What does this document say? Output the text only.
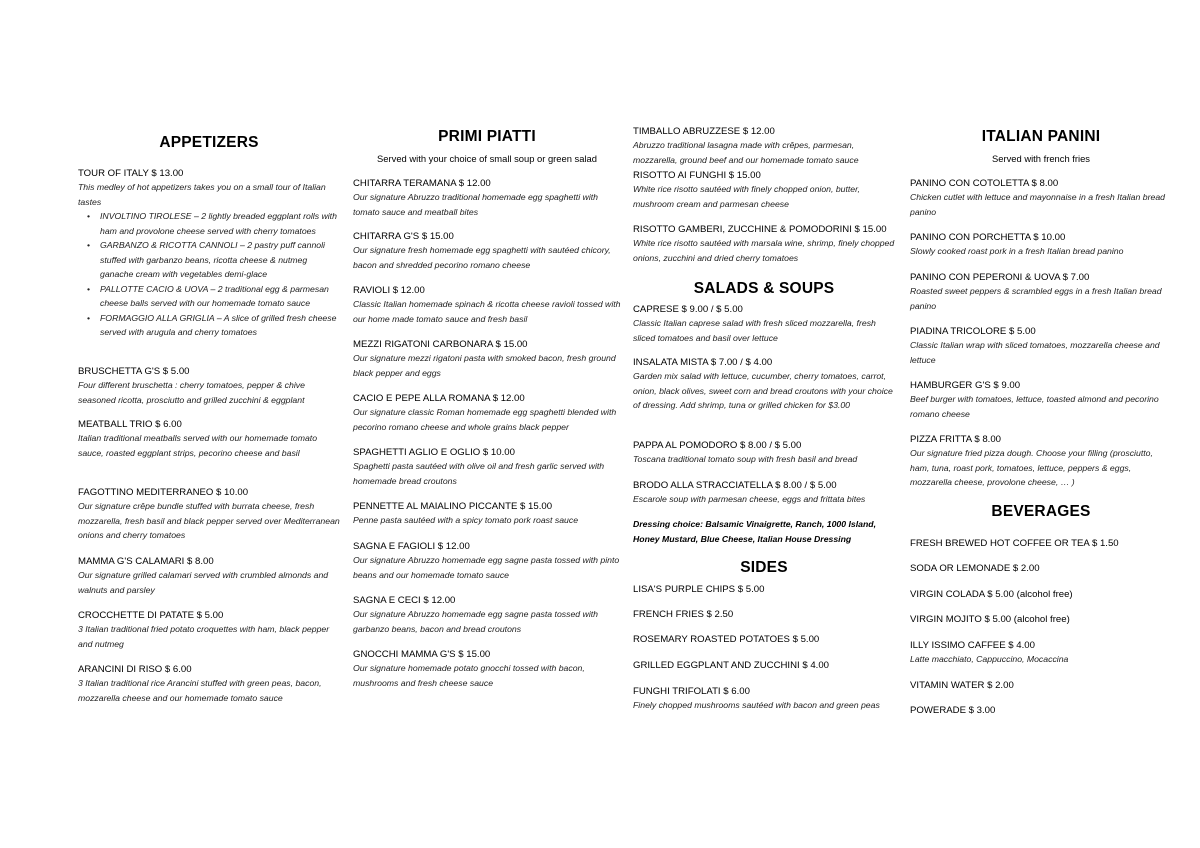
APPETIZERS
TOUR OF ITALY $ 13.00
This medley of hot appetizers takes you on a small tour of Italian tastes
• INVOLTINO TIROLESE – 2 lightly breaded eggplant rolls with ham and provolone cheese served with cherry tomatoes
• GARBANZO & RICOTTA CANNOLI – 2 pastry puff cannoli stuffed with garbanzo beans, ricotta cheese & nutmeg ganache cream with vegetables demi-glace
• PALLOTTE CACIO & UOVA – 2 traditional egg & parmesan cheese balls served with our homemade tomato sauce
• FORMAGGIO ALLA GRIGLIA – A slice of grilled fresh cheese served with arugula and cherry tomatoes
BRUSCHETTA G'S $ 5.00
Four different bruschetta : cherry tomatoes, pepper & chive seasoned ricotta, prosciutto and grilled zucchini & eggplant
MEATBALL TRIO $ 6.00
Italian traditional meatballs served with our homemade tomato sauce, roasted eggplant strips, pecorino cheese and basil
FAGOTTINO MEDITERRANEO $ 10.00
Our signature crêpe bundle stuffed with burrata cheese, fresh mozzarella, fresh basil and black pepper served over Mediterranean onions and cherry tomatoes
MAMMA G'S CALAMARI $ 8.00
Our signature grilled calamari served with crumbled almonds and walnuts and parsley
CROCCHETTE DI PATATE $ 5.00
3 Italian traditional fried potato croquettes with ham, black pepper and nutmeg
ARANCINI DI RISO $ 6.00
3 Italian traditional rice Arancini stuffed with green peas, bacon, mozzarella cheese and our homemade tomato sauce
PRIMI PIATTI
Served with your choice of small soup or green salad
CHITARRA TERAMANA $ 12.00
Our signature Abruzzo traditional homemade egg spaghetti with tomato sauce and meatball bites
CHITARRA G'S $ 15.00
Our signature fresh homemade egg spaghetti with sautéed chicory, bacon and shredded pecorino romano cheese
RAVIOLI $ 12.00
Classic Italian homemade spinach & ricotta cheese ravioli tossed with our home made tomato sauce and fresh basil
MEZZI RIGATONI CARBONARA $ 15.00
Our signature mezzi rigatoni pasta with smoked bacon, fresh ground black pepper and eggs
CACIO E PEPE ALLA ROMANA $ 12.00
Our signature classic Roman homemade egg spaghetti blended with pecorino romano cheese and whole grains black pepper
SPAGHETTI AGLIO E OGLIO $ 10.00
Spaghetti pasta sautéed with olive oil and fresh garlic served with homemade bread croutons
PENNETTE AL MAIALINO PICCANTE $ 15.00
Penne pasta sautéed with a spicy tomato pork roast sauce
SAGNA E FAGIOLI $ 12.00
Our signature Abruzzo homemade egg sagne pasta tossed with pinto beans and our homemade tomato sauce
SAGNA E CECI $ 12.00
Our signature Abruzzo homemade egg sagne pasta tossed with garbanzo beans, bacon and bread croutons
GNOCCHI MAMMA G'S $ 15.00
Our signature homemade potato gnocchi tossed with bacon, mushrooms and fresh cheese sauce
TIMBALLO ABRUZZESE $ 12.00
Abruzzo traditional lasagna made with crêpes, parmesan, mozzarella, ground beef and our homemade tomato sauce
RISOTTO AI FUNGHI $ 15.00
White rice risotto sautéed with finely chopped onion, butter, mushroom cream and parmesan cheese
RISOTTO GAMBERI, ZUCCHINE & POMODORINI $ 15.00
White rice risotto sautéed with marsala wine, shrimp, finely chopped onions, zucchini and dried cherry tomatoes
SALADS & SOUPS
CAPRESE $ 9.00 / $ 5.00
Classic Italian caprese salad with fresh sliced mozzarella, fresh sliced tomatoes and basil over lettuce
INSALATA MISTA $ 7.00 / $ 4.00
Garden mix salad with lettuce, cucumber, cherry tomatoes, carrot, onion, black olives, sweet corn and bread croutons with your choice of dressing. Add shrimp, tuna or grilled chicken for $3.00
PAPPA AL POMODORO $ 8.00 / $ 5.00
Toscana traditional tomato soup with fresh basil and bread
BRODO ALLA STRACCIATELLA $ 8.00 / $ 5.00
Escarole soup with parmesan cheese, eggs and frittata bites
Dressing choice: Balsamic Vinaigrette, Ranch, 1000 Island, Honey Mustard, Blue Cheese, Italian House Dressing
SIDES
LISA'S PURPLE CHIPS $ 5.00
FRENCH FRIES $ 2.50
ROSEMARY ROASTED POTATOES $ 5.00
GRILLED EGGPLANT AND ZUCCHINI $ 4.00
FUNGHI TRIFOLATI $ 6.00
Finely chopped mushrooms sautéed with bacon and green peas
ITALIAN PANINI
Served with french fries
PANINO CON COTOLETTA $ 8.00
Chicken cutlet with lettuce and mayonnaise in a fresh Italian bread panino
PANINO CON PORCHETTA $ 10.00
Slowly cooked roast pork in a fresh Italian bread panino
PANINO CON PEPERONI & UOVA $ 7.00
Roasted sweet peppers & scrambled eggs in a fresh Italian bread panino
PIADINA TRICOLORE $ 5.00
Classic Italian wrap with sliced tomatoes, mozzarella cheese and lettuce
HAMBURGER G'S $ 9.00
Beef burger with tomatoes, lettuce, toasted almond and pecorino romano cheese
PIZZA FRITTA $ 8.00
Our signature fried pizza dough. Choose your filling (prosciutto, ham, tuna, roast pork, tomatoes, lettuce, peppers & eggs, mozzarella cheese, provolone cheese, … )
BEVERAGES
FRESH BREWED HOT COFFEE OR TEA $ 1.50
SODA OR LEMONADE $ 2.00
VIRGIN COLADA $ 5.00 (alcohol free)
VIRGIN MOJITO $ 5.00 (alcohol free)
ILLY ISSIMO CAFFEE $ 4.00
Latte macchiato, Cappuccino, Mocaccina
VITAMIN WATER $ 2.00
POWERADE $ 3.00
